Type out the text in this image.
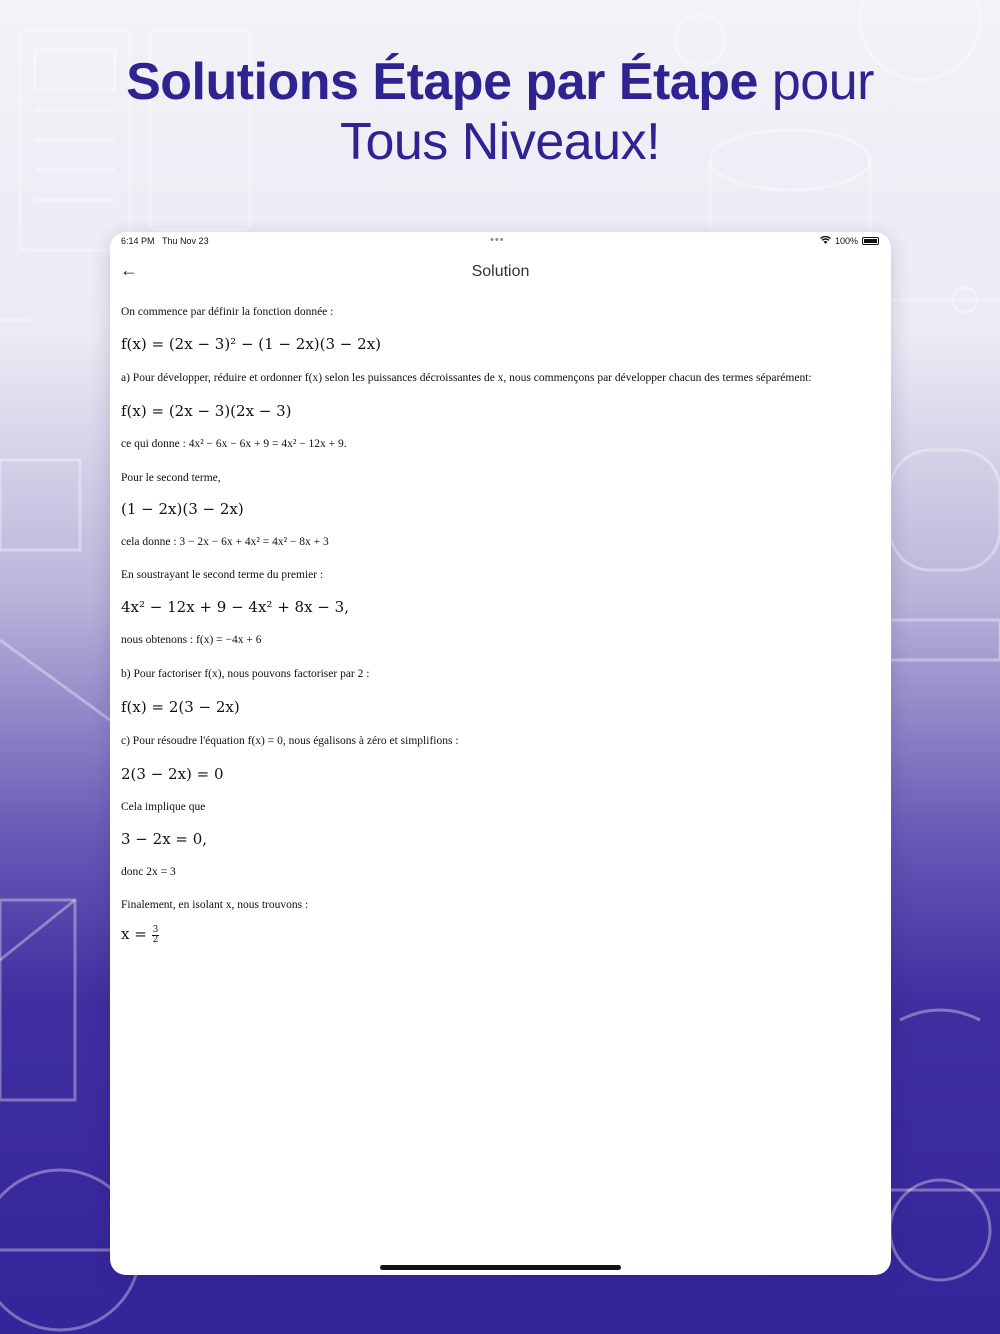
Solutions Étape par Étape pour
Tous Niveaux!
6:14 PM Thu Nov 23	•••	100%
←	Solution
On commence par définir la fonction donnée :
f(x) = (2x − 3)² − (1 − 2x)(3 − 2x)
a) Pour développer, réduire et ordonner f(x) selon les puissances décroissantes de x, nous commençons par développer chacun des termes séparément:
f(x) = (2x − 3)(2x − 3)
ce qui donne : 4x² − 6x − 6x + 9 = 4x² − 12x + 9.
Pour le second terme,
(1 − 2x)(3 − 2x)
cela donne : 3 − 2x − 6x + 4x² = 4x² − 8x + 3
En soustrayant le second terme du premier :
4x² − 12x + 9 − 4x² + 8x − 3,
nous obtenons : f(x) = −4x + 6
b) Pour factoriser f(x), nous pouvons factoriser par 2 :
f(x) = 2(3 − 2x)
c) Pour résoudre l'équation f(x) = 0, nous égalisons à zéro et simplifions :
2(3 − 2x) = 0
Cela implique que
3 − 2x = 0,
donc 2x = 3
Finalement, en isolant x, nous trouvons :
$x = \frac{3}{2}$
